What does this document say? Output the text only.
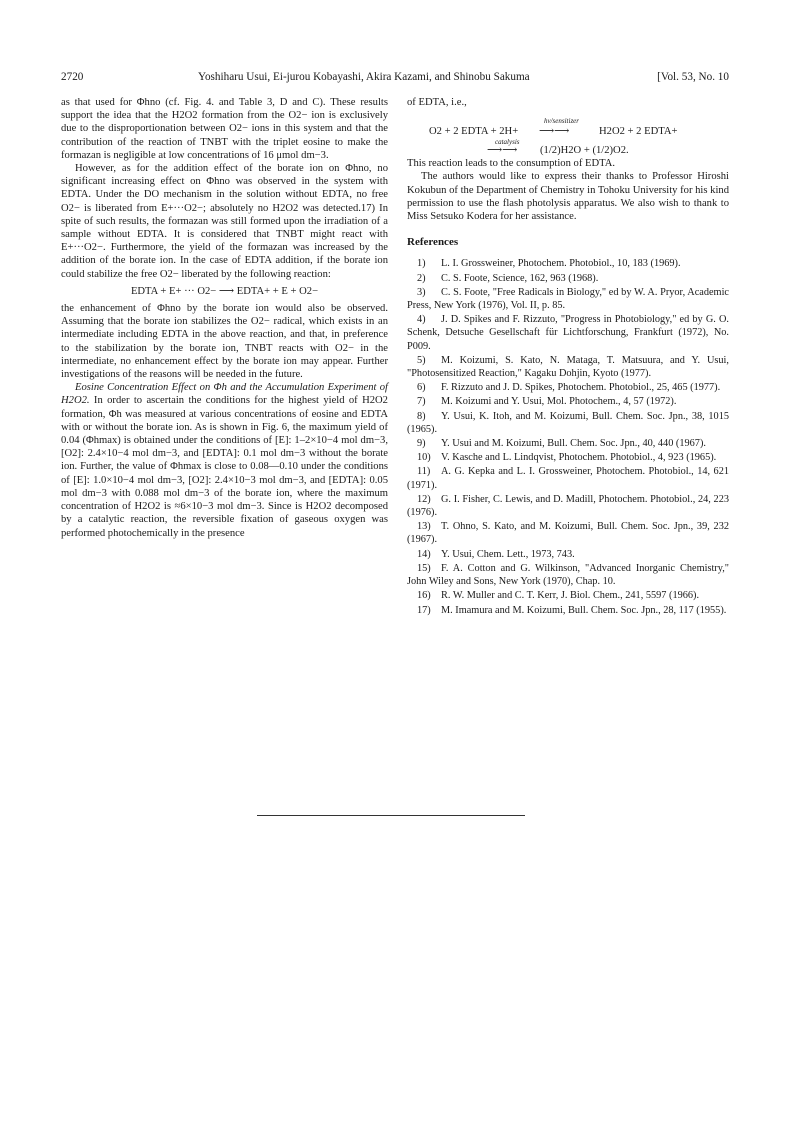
2720	Yoshiharu Usui, Ei-jurou Kobayashi, Akira Kazami, and Shinobu Sakuma	[Vol. 53, No. 10

as that used for Φhno (cf. Fig. 4. and Table 3, D and C). These results support the idea that the H2O2 formation from the O2− ion is exclusively due to the disproportionation between O2− ions in this system and that the contribution of the reaction of TNBT with the triplet eosine to make the formazan is negligible at low concentrations of 16 μmol dm−3.

However, as for the addition effect of the borate ion on Φhno, no significant increasing effect on Φhno was observed in the system with EDTA. Under the DO mechanism in the solution without EDTA, no free O2− is liberated from E+···O2−; absolutely no H2O2 was detected.17) In spite of such results, the formazan was still formed upon the irradiation of a sample without EDTA. It is considered that TNBT might react with E+···O2−. Furthermore, the yield of the formazan was increased by the addition of the borate ion. In the case of EDTA addition, if the borate ion could stabilize the free O2− liberated by the following reaction:

EDTA + E+ ··· O2− ⟶ EDTA+ + E + O2−

the enhancement of Φhno by the borate ion would also be observed. Assuming that the borate ion stabilizes the O2− radical, which exists in an intermediate including EDTA in the above reaction, and that, in preference to the stabilization by the borate ion, TNBT reacts with O2− in the intermediate, no enhancement effect by the borate ion may appear. Further investigations of the reasons will be needed in the future.

Eosine Concentration Effect on Φh and the Accumulation Experiment of H2O2. In order to ascertain the conditions for the highest yield of H2O2 formation, Φh was measured at various concentrations of eosine and EDTA with or without the borate ion. As is shown in Fig. 6, the maximum yield of 0.04 (Φhmax) is obtained under the conditions of [E]: 1–2×10−4 mol dm−3, [O2]: 2.4×10−4 mol dm−3, and [EDTA]: 0.1 mol dm−3 without the borate ion. Further, the value of Φhmax is close to 0.08—0.10 under the conditions of [E]: 1.0×10−4 mol dm−3, [O2]: 2.4×10−3 mol dm−3, and [EDTA]: 0.05 mol dm−3 with 0.088 mol dm−3 of the borate ion, where the maximum concentration of H2O2 is ≈6×10−3 mol dm−3. Since is H2O2 decomposed by a catalytic reaction, the reversible fixation of gaseous oxygen was performed photochemically in the presence

of EDTA, i.e.,

O2 + 2 EDTA + 2H+
hν/sensitizer
⟶⟶	H2O2 + 2 EDTA+
catalysis
⟶⟶ (1/2)H2O + (1/2)O2.

This reaction leads to the consumption of EDTA.

The authors would like to express their thanks to Professor Hiroshi Kokubun of the Department of Chemistry in Tohoku University for his kind permission to use the flash photolysis apparatus. We also wish to thank to Miss Setsuko Kodera for her assistance.

References
1) L. I. Grossweiner, Photochem. Photobiol., 10, 183 (1969).
2) C. S. Foote, Science, 162, 963 (1968).
3) C. S. Foote, "Free Radicals in Biology," ed by W. A. Pryor, Academic Press, New York (1976), Vol. II, p. 85.
4) J. D. Spikes and F. Rizzuto, "Progress in Photobiology," ed by G. O. Schenk, Detsuche Gesellschaft für Lichtforschung, Frankfurt (1972), No. P009.
5) M. Koizumi, S. Kato, N. Mataga, T. Matsuura, and Y. Usui, "Photosensitized Reaction," Kagaku Dohjin, Kyoto (1977).
6) F. Rizzuto and J. D. Spikes, Photochem. Photobiol., 25, 465 (1977).
7) M. Koizumi and Y. Usui, Mol. Photochem., 4, 57 (1972).
8) Y. Usui, K. Itoh, and M. Koizumi, Bull. Chem. Soc. Jpn., 38, 1015 (1965).
9) Y. Usui and M. Koizumi, Bull. Chem. Soc. Jpn., 40, 440 (1967).
10) V. Kasche and L. Lindqvist, Photochem. Photobiol., 4, 923 (1965).
11) A. G. Kepka and L. I. Grossweiner, Photochem. Photobiol., 14, 621 (1971).
12) G. I. Fisher, C. Lewis, and D. Madill, Photochem. Photobiol., 24, 223 (1976).
13) T. Ohno, S. Kato, and M. Koizumi, Bull. Chem. Soc. Jpn., 39, 232 (1967).
14) Y. Usui, Chem. Lett., 1973, 743.
15) F. A. Cotton and G. Wilkinson, "Advanced Inorganic Chemistry," John Wiley and Sons, New York (1970), Chap. 10.
16) R. W. Muller and C. T. Kerr, J. Biol. Chem., 241, 5597 (1966).
17) M. Imamura and M. Koizumi, Bull. Chem. Soc. Jpn., 28, 117 (1955).
